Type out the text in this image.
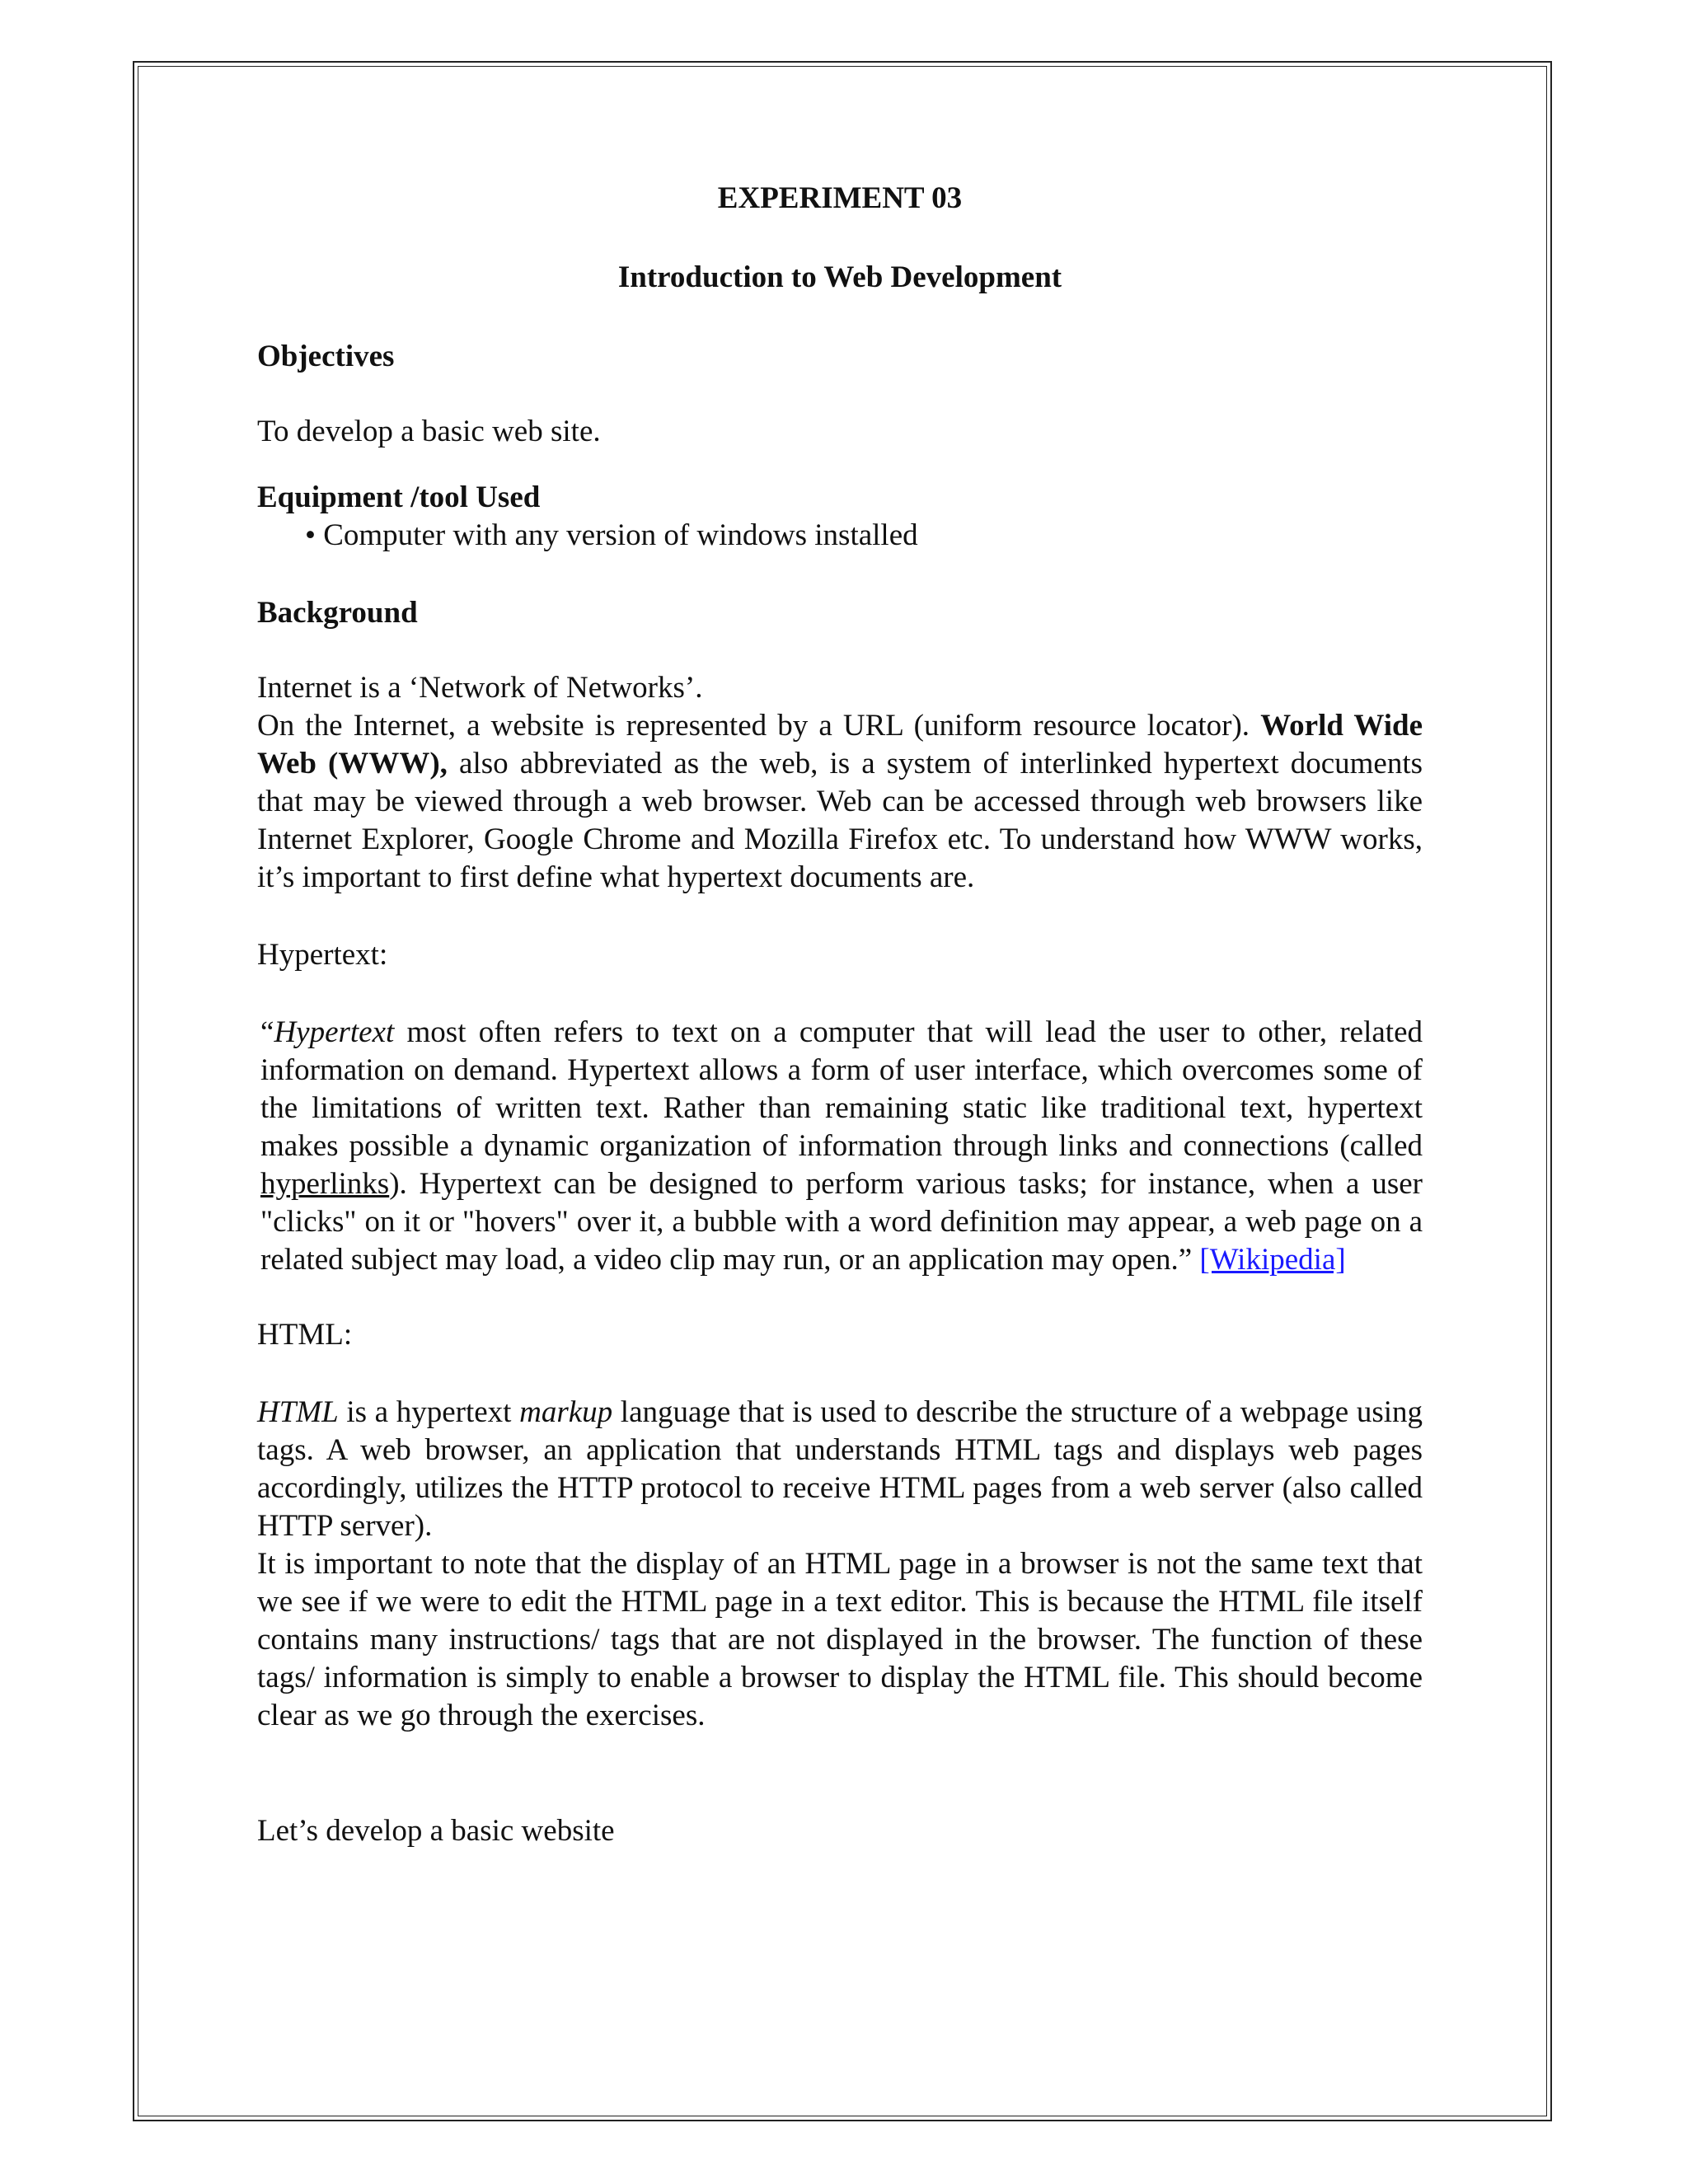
EXPERIMENT 03

Introduction to Web Development

Objectives

To develop a basic web site.

Equipment /tool Used

• Computer with any version of windows installed

Background

Internet is a ‘Network of Networks’.

On the Internet, a website is represented by a URL (uniform resource locator). World Wide Web (WWW), also abbreviated as the web, is a system of interlinked hypertext documents that may be viewed through a web browser. Web can be accessed through web browsers like Internet Explorer, Google Chrome and Mozilla Firefox etc. To understand how WWW works, it’s important to first define what hypertext documents are.

Hypertext:

“Hypertext most often refers to text on a computer that will lead the user to other, related information on demand. Hypertext allows a form of user interface, which overcomes some of the limitations of written text. Rather than remaining static like traditional text, hypertext makes possible a dynamic organization of information through links and connections (called hyperlinks). Hypertext can be designed to perform various tasks; for instance, when a user "clicks" on it or "hovers" over it, a bubble with a word definition may appear, a web page on a related subject may load, a video clip may run, or an application may open.” [Wikipedia]

HTML:

HTML is a hypertext markup language that is used to describe the structure of a webpage using tags. A web browser, an application that understands HTML tags and displays web pages accordingly, utilizes the HTTP protocol to receive HTML pages from a web server (also called HTTP server).

It is important to note that the display of an HTML page in a browser is not the same text that we see if we were to edit the HTML page in a text editor. This is because the HTML file itself contains many instructions/ tags that are not displayed in the browser. The function of these tags/ information is simply to enable a browser to display the HTML file. This should become clear as we go through the exercises.

Let’s develop a basic website
